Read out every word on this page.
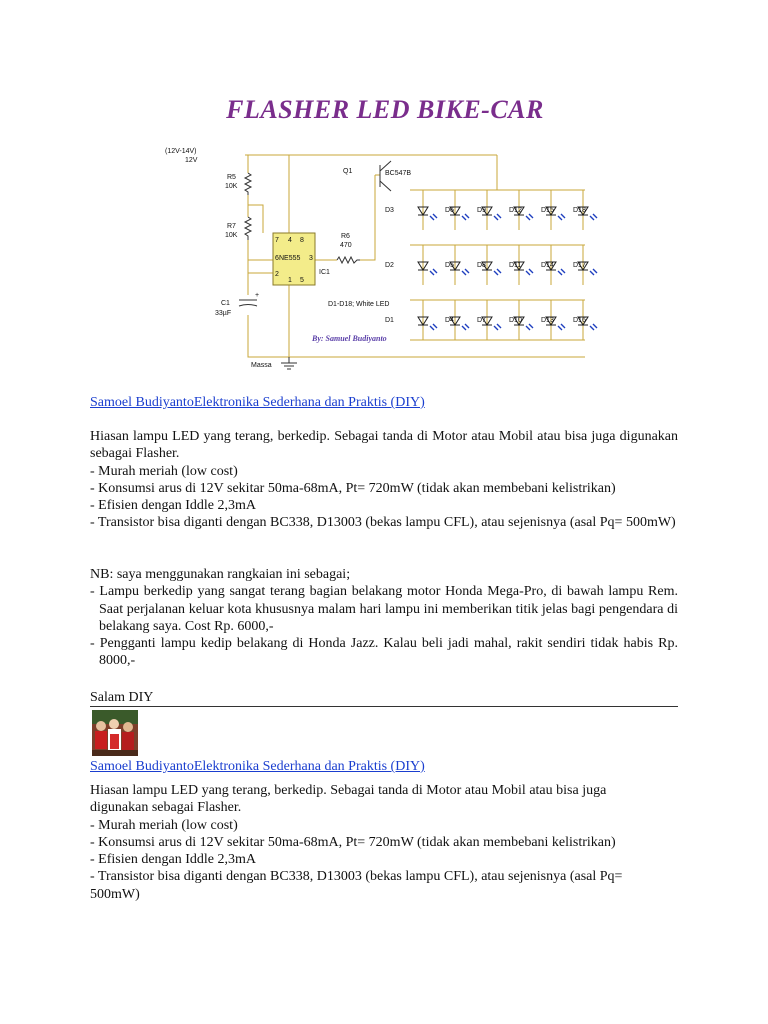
FLASHER LED BIKE-CAR
D3	D6	D9	D12	D15	D18
D2	D5	D8	D11	D14	D17
D1	D4	D7	D10	D13	D16
(12V-14V)
12V
R5
10K
R7
10K
C1
33µF
+
Q1	BC547B
R6
470
NE555
IC1
7 4 8
6	3
2
1 5
Massa
D1-D18; White LED
By: Samuel Budiyanto
Samoel BudiyantoElektronika Sederhana dan Praktis (DIY)

Hiasan lampu LED yang terang, berkedip. Sebagai tanda di Motor atau Mobil atau bisa juga digunakan sebagai Flasher.

- Murah meriah (low cost)
- Konsumsi arus di 12V sekitar 50ma-68mA, Pt= 720mW (tidak akan membebani kelistrikan)
- Efisien dengan Iddle 2,3mA
- Transistor bisa diganti dengan BC338, D13003 (bekas lampu CFL), atau sejenisnya (asal Pq= 500mW)

NB: saya menggunakan rangkaian ini sebagai;

- Lampu berkedip yang sangat terang bagian belakang motor Honda Mega-Pro, di bawah lampu Rem. Saat perjalanan keluar kota khususnya malam hari lampu ini memberikan titik jelas bagi pengendara di belakang saya. Cost Rp. 6000,-
- Pengganti lampu kedip belakang di Honda Jazz. Kalau beli jadi mahal, rakit sendiri tidak habis Rp. 8000,-

Salam DIY

Samoel BudiyantoElektronika Sederhana dan Praktis (DIY)
Hiasan lampu LED yang terang, berkedip. Sebagai tanda di Motor atau Mobil atau bisa juga
digunakan sebagai Flasher.
- Murah meriah (low cost)
- Konsumsi arus di 12V sekitar 50ma-68mA, Pt= 720mW (tidak akan membebani kelistrikan)
- Efisien dengan Iddle 2,3mA
- Transistor bisa diganti dengan BC338, D13003 (bekas lampu CFL), atau sejenisnya (asal Pq=
500mW)
